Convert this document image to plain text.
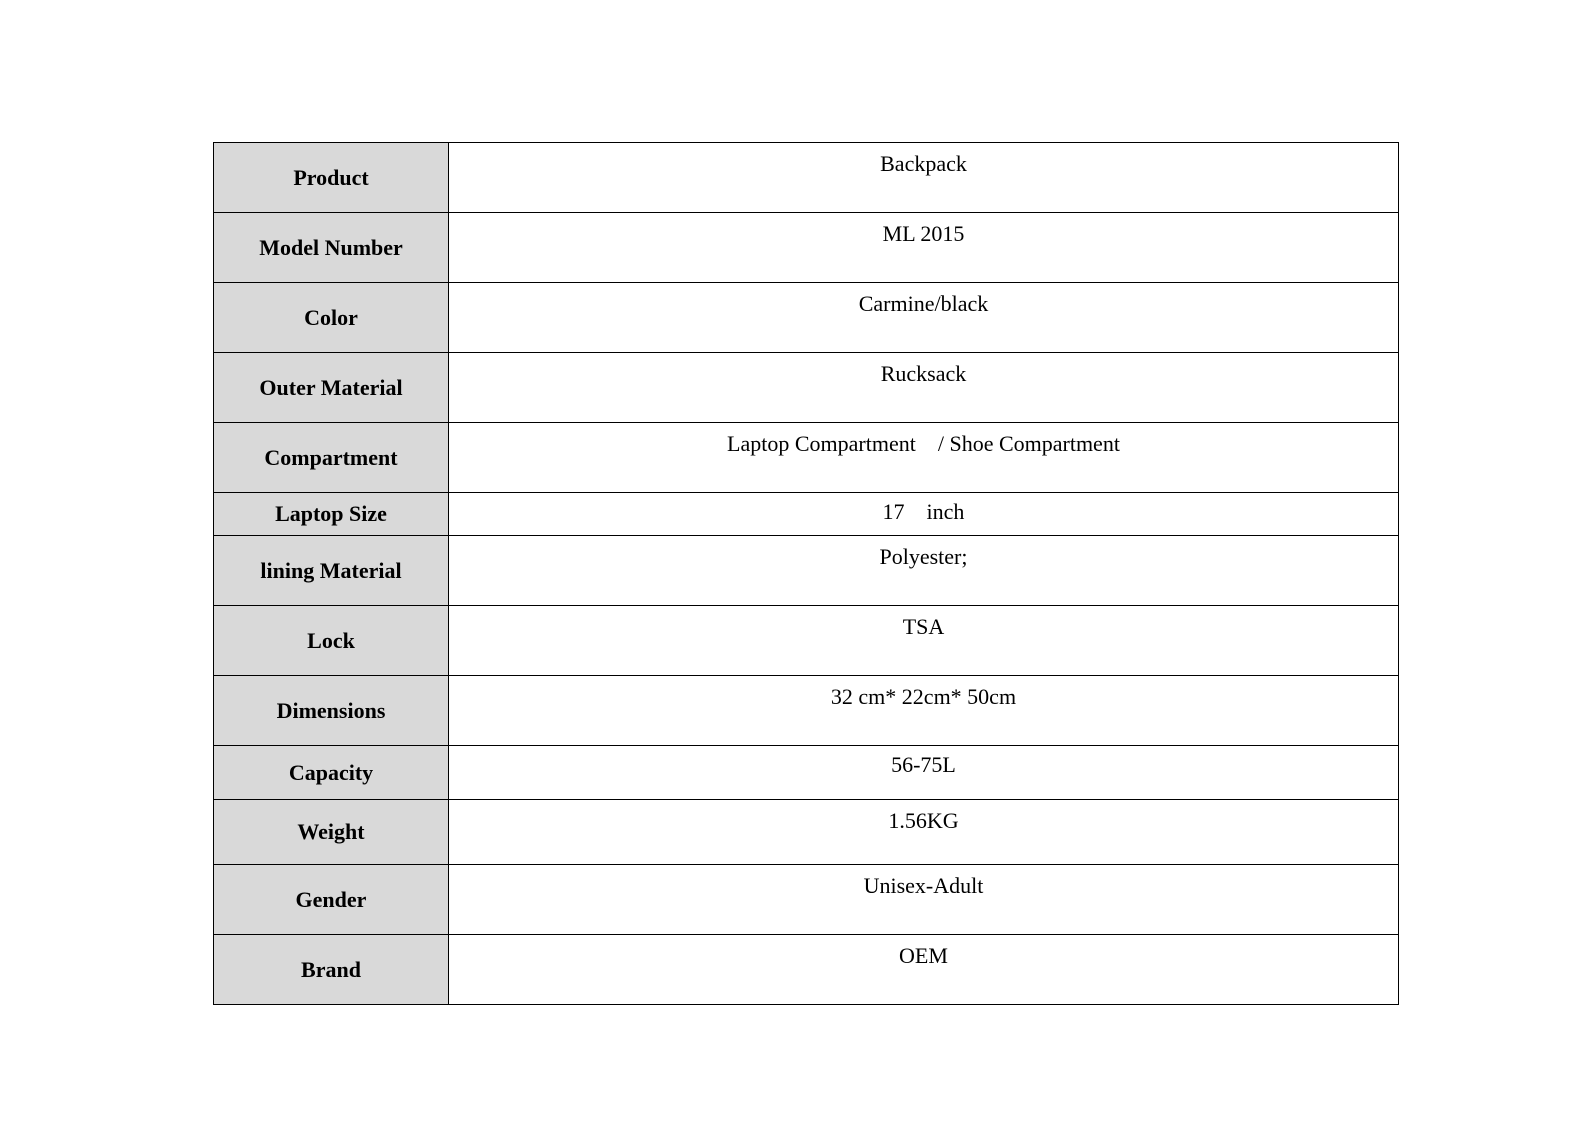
Product	Backpack
Model Number	ML 2015
Color	Carmine/black
Outer Material	Rucksack
Compartment	Laptop Compartment    / Shoe Compartment
Laptop Size	17    inch
lining Material	Polyester;
Lock	TSA
Dimensions	32 cm* 22cm* 50cm
Capacity	56-75L
Weight	1.56KG
Gender	Unisex-Adult
Brand	OEM
